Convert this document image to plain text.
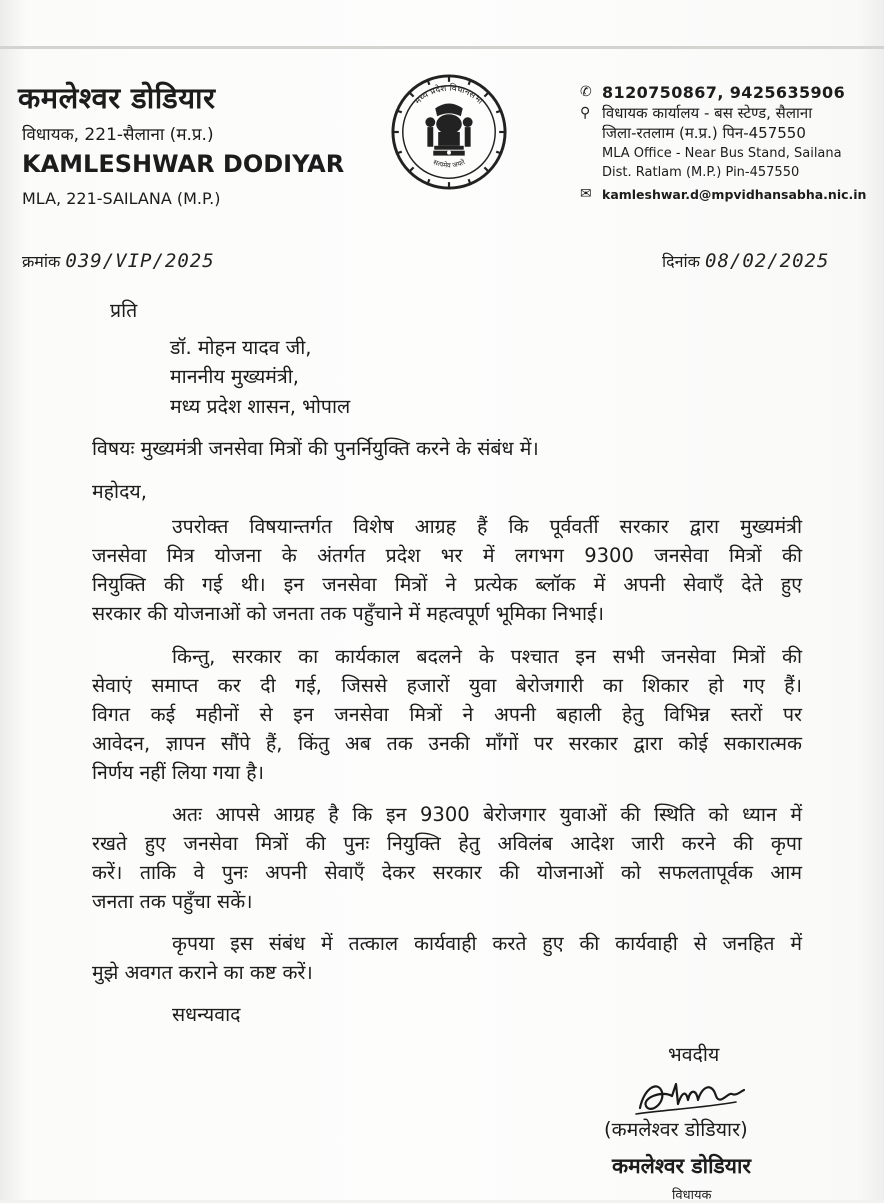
कमलेश्वर डोडियार
विधायक, 221-सैलाना (म.प्र.)
KAMLESHWAR DODIYAR
MLA, 221-SAILANA (M.P.)
मध्य प्रदेश विधानसभा
सत्यमेव जयते
✆ 8120750867, 9425635906
⚲ विधायक कार्यालय - बस स्टेण्ड, सैलाना
जिला-रतलाम (म.प्र.) पिन-457550
MLA Office - Near Bus Stand, Sailana
Dist. Ratlam (M.P.) Pin-457550
✉ kamleshwar.d@mpvidhansabha.nic.in
क्रमांक 039/VIP/2025	दिनांक 08/02/2025
प्रति
डॉ. मोहन यादव जी,
माननीय मुख्यमंत्री,
मध्य प्रदेश शासन, भोपाल
विषयः मुख्यमंत्री जनसेवा मित्रों की पुनर्नियुक्ति करने के संबंध में।
महोदय,
उपरोक्त विषयान्तर्गत विशेष आग्रह हैं कि पूर्ववर्ती सरकार द्वारा मुख्यमंत्री
जनसेवा मित्र योजना के अंतर्गत प्रदेश भर में लगभग 9300 जनसेवा मित्रों की
नियुक्ति की गई थी। इन जनसेवा मित्रों ने प्रत्येक ब्लॉक में अपनी सेवाएँ देते हुए
सरकार की योजनाओं को जनता तक पहुँचाने में महत्वपूर्ण भूमिका निभाई।
किन्तु, सरकार का कार्यकाल बदलने के पश्चात इन सभी जनसेवा मित्रों की
सेवाएं समाप्त कर दी गई, जिससे हजारों युवा बेरोजगारी का शिकार हो गए हैं।
विगत कई महीनों से इन जनसेवा मित्रों ने अपनी बहाली हेतु विभिन्न स्तरों पर
आवेदन, ज्ञापन सौंपे हैं, किंतु अब तक उनकी माँगों पर सरकार द्वारा कोई सकारात्मक
निर्णय नहीं लिया गया है।
अतः आपसे आग्रह है कि इन 9300 बेरोजगार युवाओं की स्थिति को ध्यान में
रखते हुए जनसेवा मित्रों की पुनः नियुक्ति हेतु अविलंब आदेश जारी करने की कृपा
करें। ताकि वे पुनः अपनी सेवाएँ देकर सरकार की योजनाओं को सफलतापूर्वक आम
जनता तक पहुँचा सकें।
कृपया इस संबंध में तत्काल कार्यवाही करते हुए की कार्यवाही से जनहित में
मुझे अवगत कराने का कष्ट करें।
सधन्यवाद
भवदीय
(कमलेश्वर डोडियार)
कमलेश्वर डोडियार
विधायक
